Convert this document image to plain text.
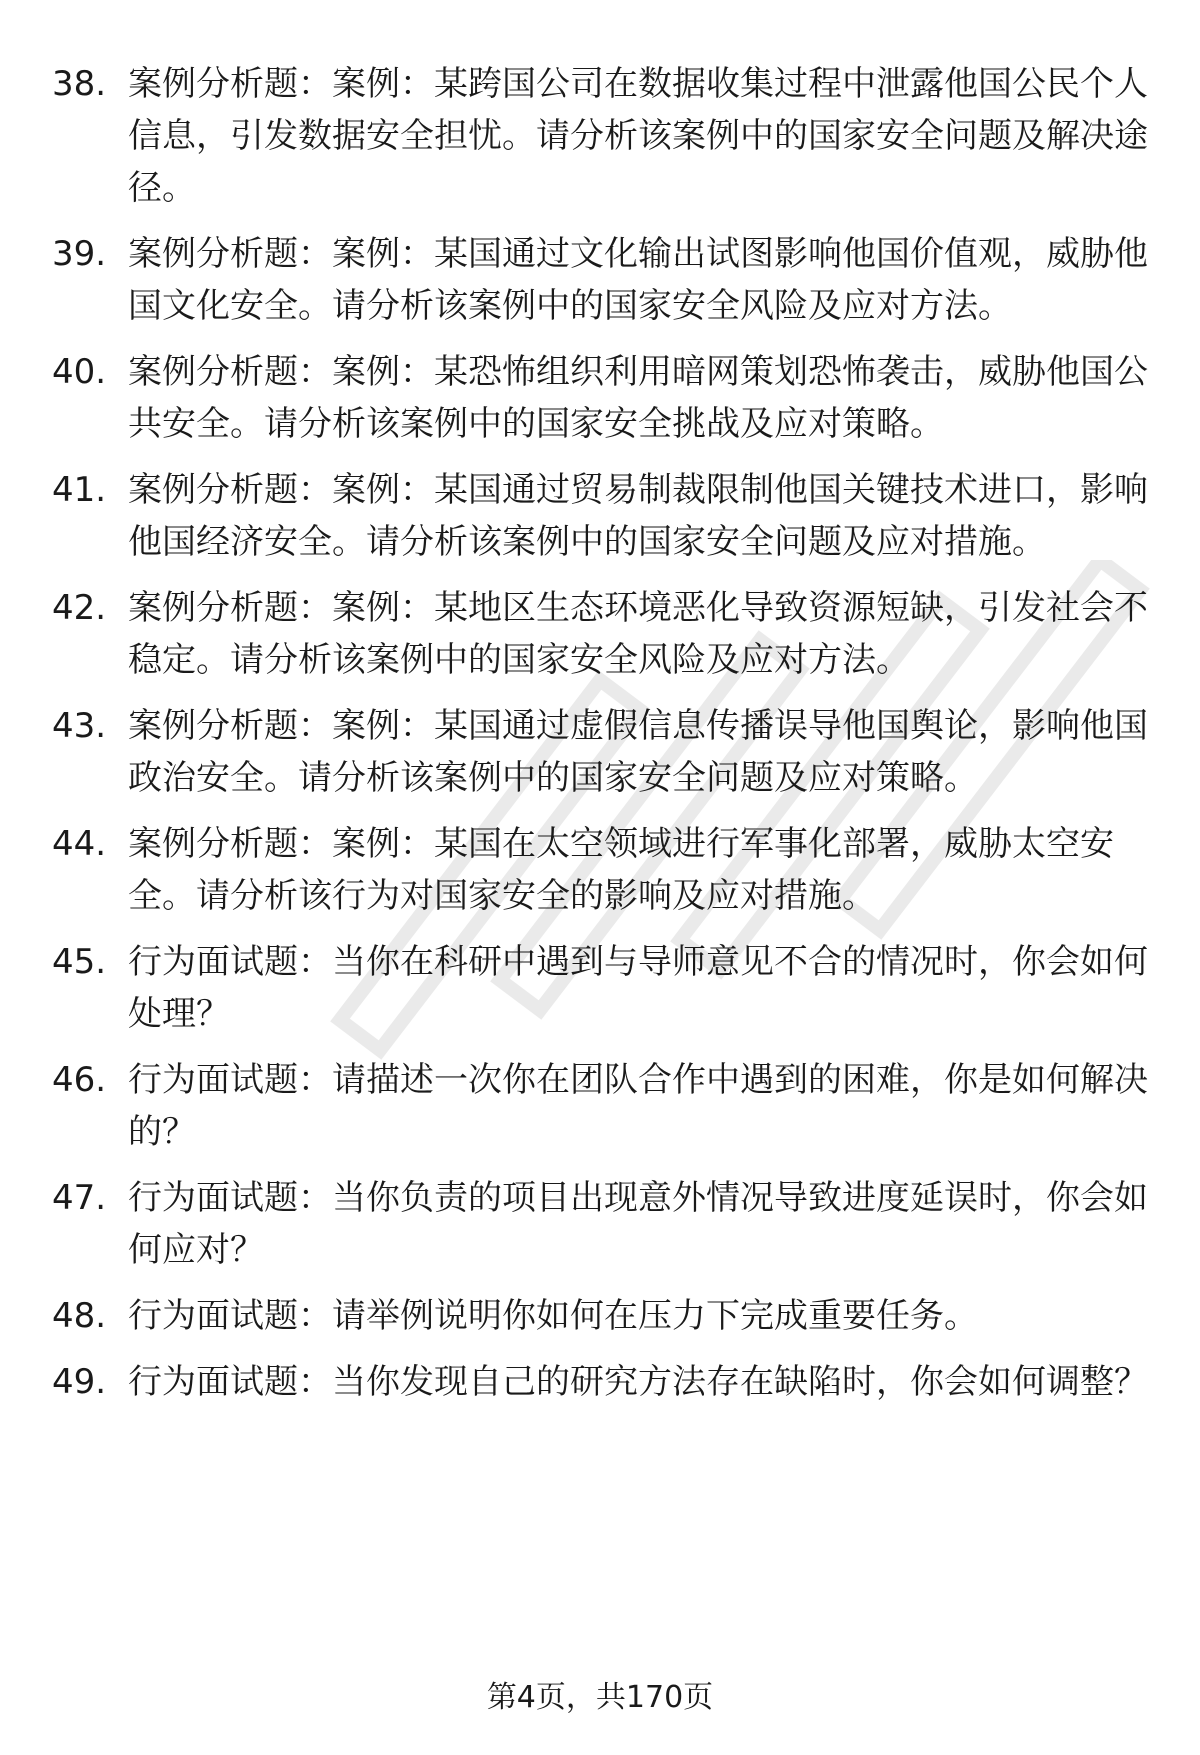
38. 案例分析题：案例：某跨国公司在数据收集过程中泄露他国公民个人信息，引发数据安全担忧。请分析该案例中的国家安全问题及解决途径。
39. 案例分析题：案例：某国通过文化输出试图影响他国价值观，威胁他国文化安全。请分析该案例中的国家安全风险及应对方法。
40. 案例分析题：案例：某恐怖组织利用暗网策划恐怖袭击，威胁他国公共安全。请分析该案例中的国家安全挑战及应对策略。
41. 案例分析题：案例：某国通过贸易制裁限制他国关键技术进口，影响他国经济安全。请分析该案例中的国家安全问题及应对措施。
42. 案例分析题：案例：某地区生态环境恶化导致资源短缺，引发社会不稳定。请分析该案例中的国家安全风险及应对方法。
43. 案例分析题：案例：某国通过虚假信息传播误导他国舆论，影响他国政治安全。请分析该案例中的国家安全问题及应对策略。
44. 案例分析题：案例：某国在太空领域进行军事化部署，威胁太空安全。请分析该行为对国家安全的影响及应对措施。
45. 行为面试题：当你在科研中遇到与导师意见不合的情况时，你会如何处理？
46. 行为面试题：请描述一次你在团队合作中遇到的困难，你是如何解决的？
47. 行为面试题：当你负责的项目出现意外情况导致进度延误时，你会如何应对？
48. 行为面试题：请举例说明你如何在压力下完成重要任务。
49. 行为面试题：当你发现自己的研究方法存在缺陷时，你会如何调整？
第4页，共170页
